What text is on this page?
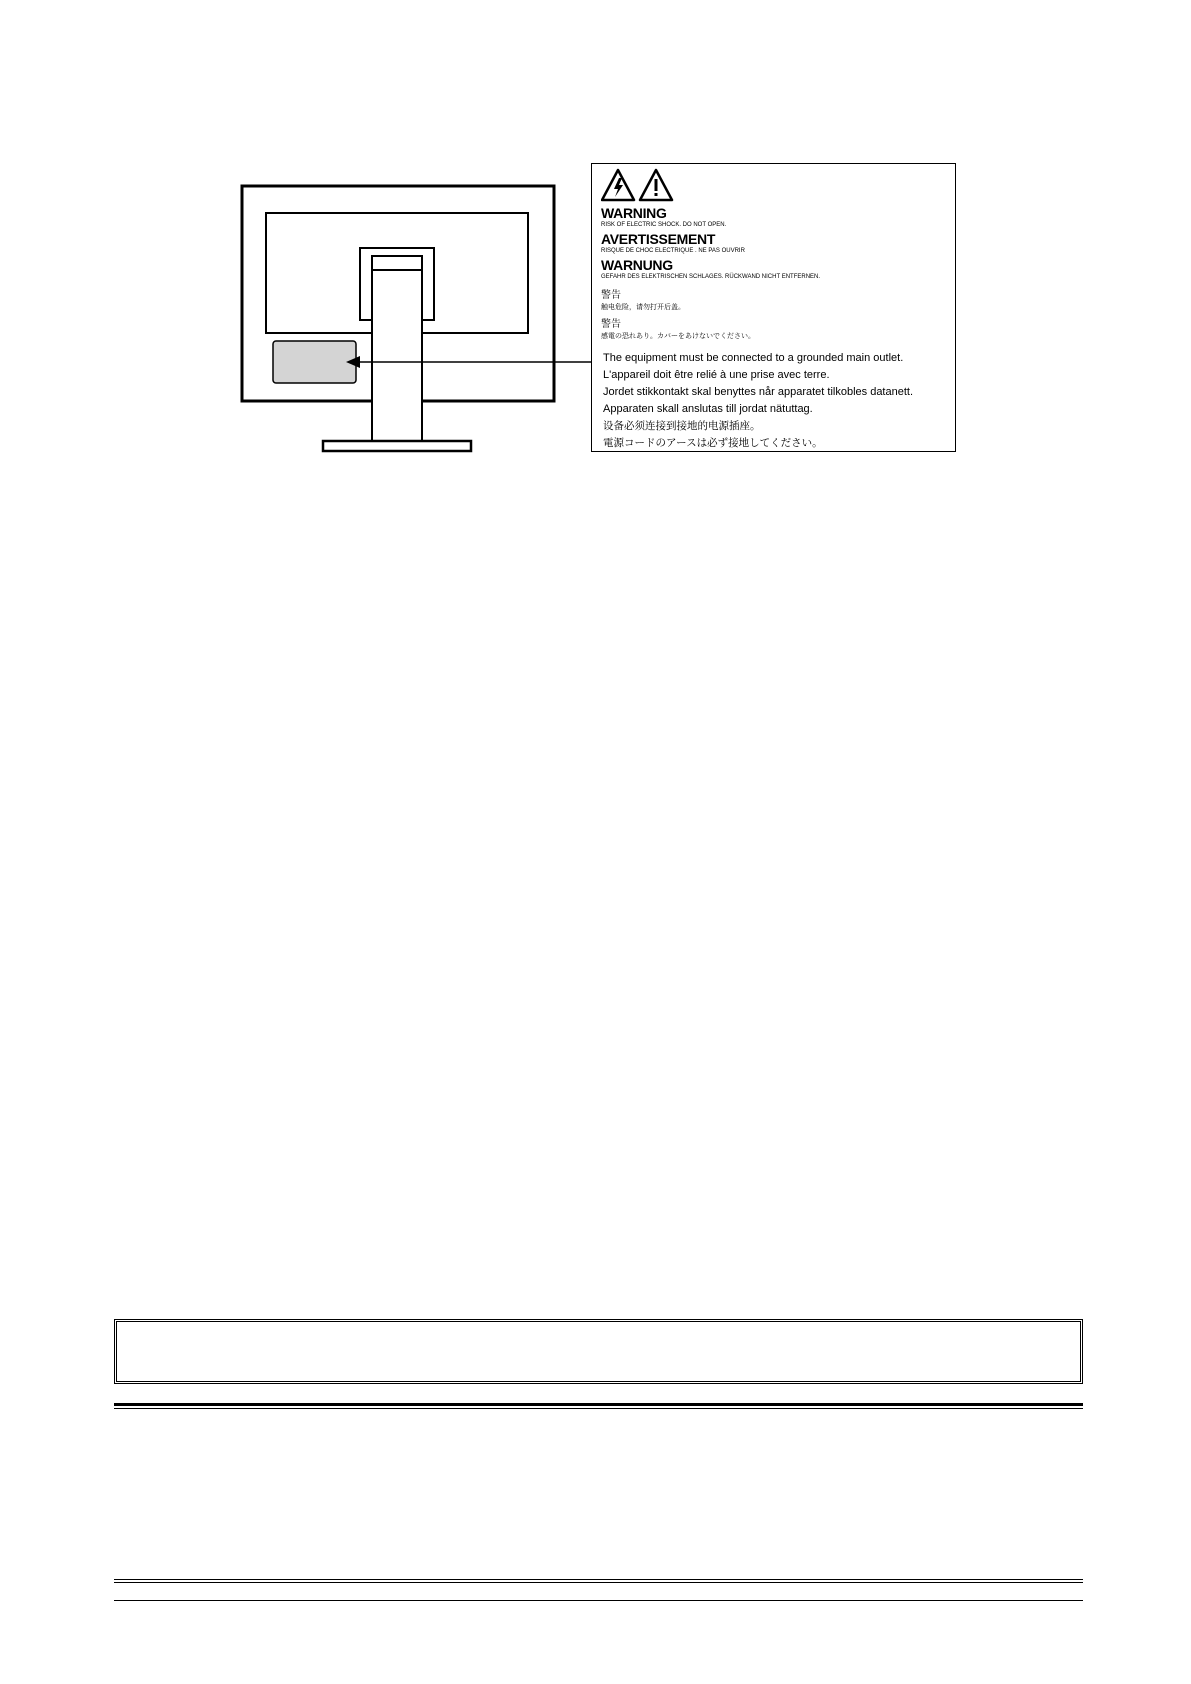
WARNING
RISK OF ELECTRIC SHOCK. DO NOT OPEN.
AVERTISSEMENT
RISQUE DE CHOC ELECTRIQUE . NE PAS OUVRIR
WARNUNG
GEFAHR DES ELEKTRISCHEN SCHLAGES. RÜCKWAND NICHT ENTFERNEN.
警告
触电危险，请勿打开后盖。
警告
感電の恐れあり。カバーをあけないでください。
The equipment must be connected to a grounded main outlet.
L'appareil doit être relié à une prise avec terre.
Jordet stikkontakt skal benyttes når apparatet tilkobles datanett.
Apparaten skall anslutas till jordat nätuttag.
设备必须连接到接地的电源插座。
電源コードのアースは必ず接地してください。
